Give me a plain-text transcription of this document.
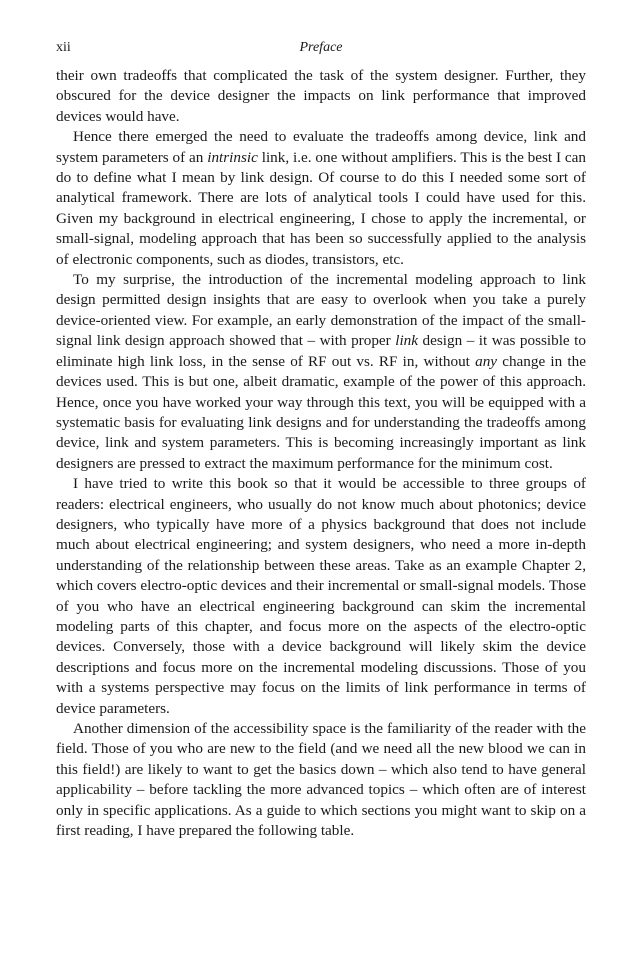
xii	Preface

their own tradeoffs that complicated the task of the system designer. Further, they obscured for the device designer the impacts on link performance that improved devices would have.

Hence there emerged the need to evaluate the tradeoffs among device, link and system parameters of an intrinsic link, i.e. one without amplifiers. This is the best I can do to define what I mean by link design. Of course to do this I needed some sort of analytical framework. There are lots of analytical tools I could have used for this. Given my background in electrical engineering, I chose to apply the incremental, or small-signal, modeling approach that has been so successfully applied to the analysis of electronic components, such as diodes, transistors, etc.

To my surprise, the introduction of the incremental modeling approach to link design permitted design insights that are easy to overlook when you take a purely device-oriented view. For example, an early demonstration of the impact of the small-signal link design approach showed that – with proper link design – it was possible to eliminate high link loss, in the sense of RF out vs. RF in, without any change in the devices used. This is but one, albeit dramatic, example of the power of this approach. Hence, once you have worked your way through this text, you will be equipped with a systematic basis for evaluating link designs and for understanding the tradeoffs among device, link and system parameters. This is becoming increasingly important as link designers are pressed to extract the maximum performance for the minimum cost.

I have tried to write this book so that it would be accessible to three groups of readers: electrical engineers, who usually do not know much about photonics; device designers, who typically have more of a physics background that does not include much about electrical engineering; and system designers, who need a more in-depth understanding of the relationship between these areas. Take as an example Chapter 2, which covers electro-optic devices and their incremental or small-signal models. Those of you who have an electrical engineering background can skim the incremental modeling parts of this chapter, and focus more on the aspects of the electro-optic devices. Conversely, those with a device background will likely skim the device descriptions and focus more on the incremental modeling discussions. Those of you with a systems perspective may focus on the limits of link performance in terms of device parameters.

Another dimension of the accessibility space is the familiarity of the reader with the field. Those of you who are new to the field (and we need all the new blood we can in this field!) are likely to want to get the basics down – which also tend to have general applicability – before tackling the more advanced topics – which often are of interest only in specific applications. As a guide to which sections you might want to skip on a first reading, I have prepared the following table.
